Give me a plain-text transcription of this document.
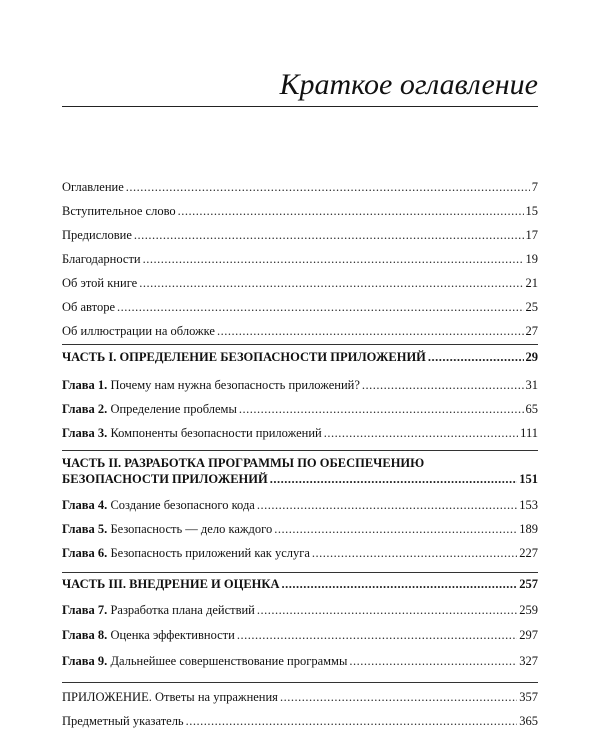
Краткое оглавление
Оглавление .....	7
Вступительное слово .....	15
Предисловие .....	17
Благодарности .....	19
Об этой книге .....	21
Об авторе .....	25
Об иллюстрации на обложке .....	27
ЧАСТЬ I. ОПРЕДЕЛЕНИЕ БЕЗОПАСНОСТИ ПРИЛОЖЕНИЙ .....	29
Глава 1. Почему нам нужна безопасность приложений? .....	31
Глава 2. Определение проблемы .....	65
Глава 3. Компоненты безопасности приложений .....	111
ЧАСТЬ II. РАЗРАБОТКА ПРОГРАММЫ ПО ОБЕСПЕЧЕНИЮ
БЕЗОПАСНОСТИ ПРИЛОЖЕНИЙ .....	151
Глава 4. Создание безопасного кода .....	153
Глава 5. Безопасность — дело каждого .....	189
Глава 6. Безопасность приложений как услуга .....	227
ЧАСТЬ III. ВНЕДРЕНИЕ И ОЦЕНКА .....	257
Глава 7. Разработка плана действий .....	259
Глава 8. Оценка эффективности .....	297
Глава 9. Дальнейшее совершенствование программы .....	327
ПРИЛОЖЕНИЕ. Ответы на упражнения .....	357
Предметный указатель .....	365
